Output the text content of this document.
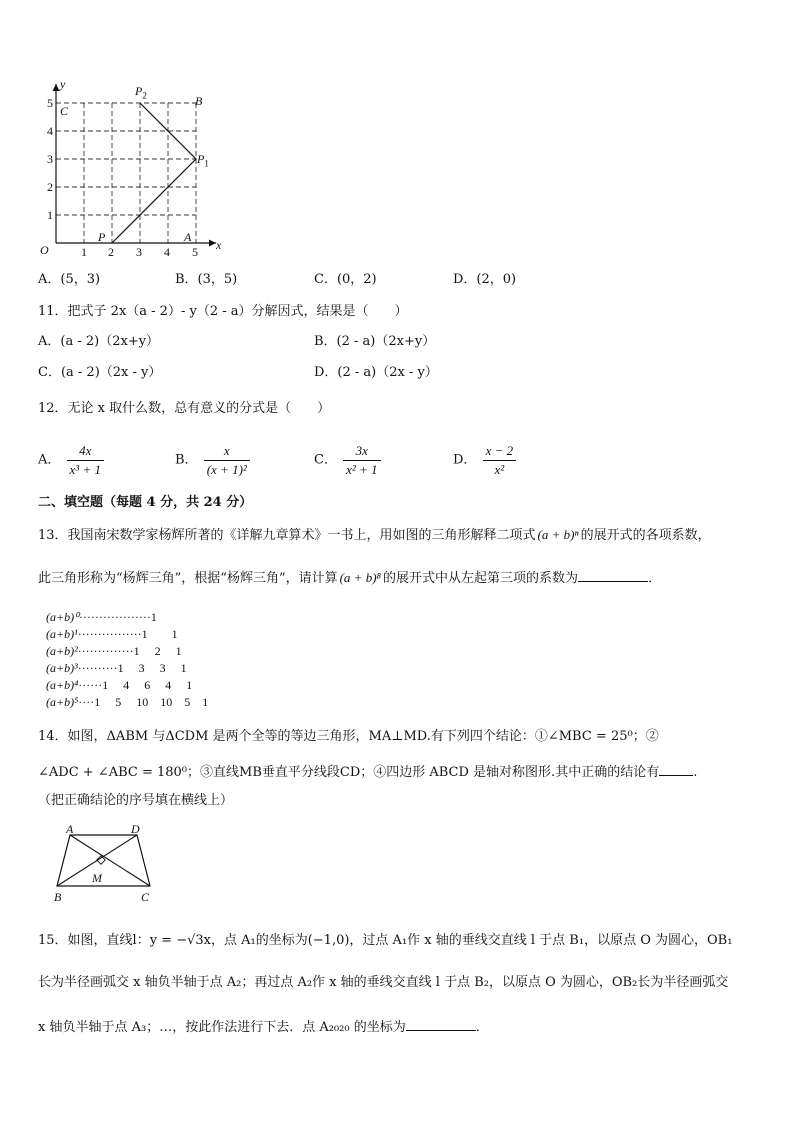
y
x
O
5
4
3
2
1
1 2 3 4 5
C
B
A
P
$P_1$
$P_2$
A．(5，3)	B．(3，5)	C．(0，2)	D．(2，0)
11．把式子 2x（a - 2）- y（2 - a）分解因式，结果是（　　）
A．(a - 2)（2x+y）	B．(2 - a)（2x+y）
C．(a - 2)（2x - y）	D．(2 - a)（2x - y）
12．无论 x 取什么数，总有意义的分式是（　　）
A． $\frac{4x}{\text{x³ + 1}}$	B． $\frac{x}{\text{(x + 1)²}}$	C． $\frac{3x}{\text{x² + 1}}$	D． $\frac{x - 2}{\text{x²}}$
二、填空题（每题 4 分，共 24 分）
13．我国南宋数学家杨辉所著的《详解九章算术》一书上，用如图的三角形解释二项式 (a + b)ⁿ 的展开式的各项系数，
此三角形称为“杨辉三角”，根据“杨辉三角”，请计算 (a + b)⁸ 的展开式中从左起第三项的系数为	．
(a+b)⁰··················1
(a+b)¹················1　　1
(a+b)²··············1　 2　 1
(a+b)³··········1　 3　 3　 1
(a+b)⁴······1　 4　 6　 4　 1
(a+b)⁵····1　 5　 10　10　5　1
14．如图，ΔABM 与ΔCDM 是两个全等的等边三角形，MA⊥MD.有下列四个结论：①∠MBC = 25⁰；②
∠ADC + ∠ABC = 180⁰；③直线MB垂直平分线段CD；④四边形 ABCD 是轴对称图形.其中正确的结论有	.
（把正确结论的序号填在横线上）
A	D
M
B	C
15．如图，直线l：y = −√3x，点 A₁的坐标为(−1,0)，过点 A₁作 x 轴的垂线交直线 l 于点 B₁，以原点 O 为圆心，OB₁
长为半径画弧交 x 轴负半轴于点 A₂；再过点 A₂作 x 轴的垂线交直线 l 于点 B₂，以原点 O 为圆心，OB₂长为半径画弧交
x 轴负半轴于点 A₃；…，按此作法进行下去．点 A₂₀₂₀ 的坐标为	．
